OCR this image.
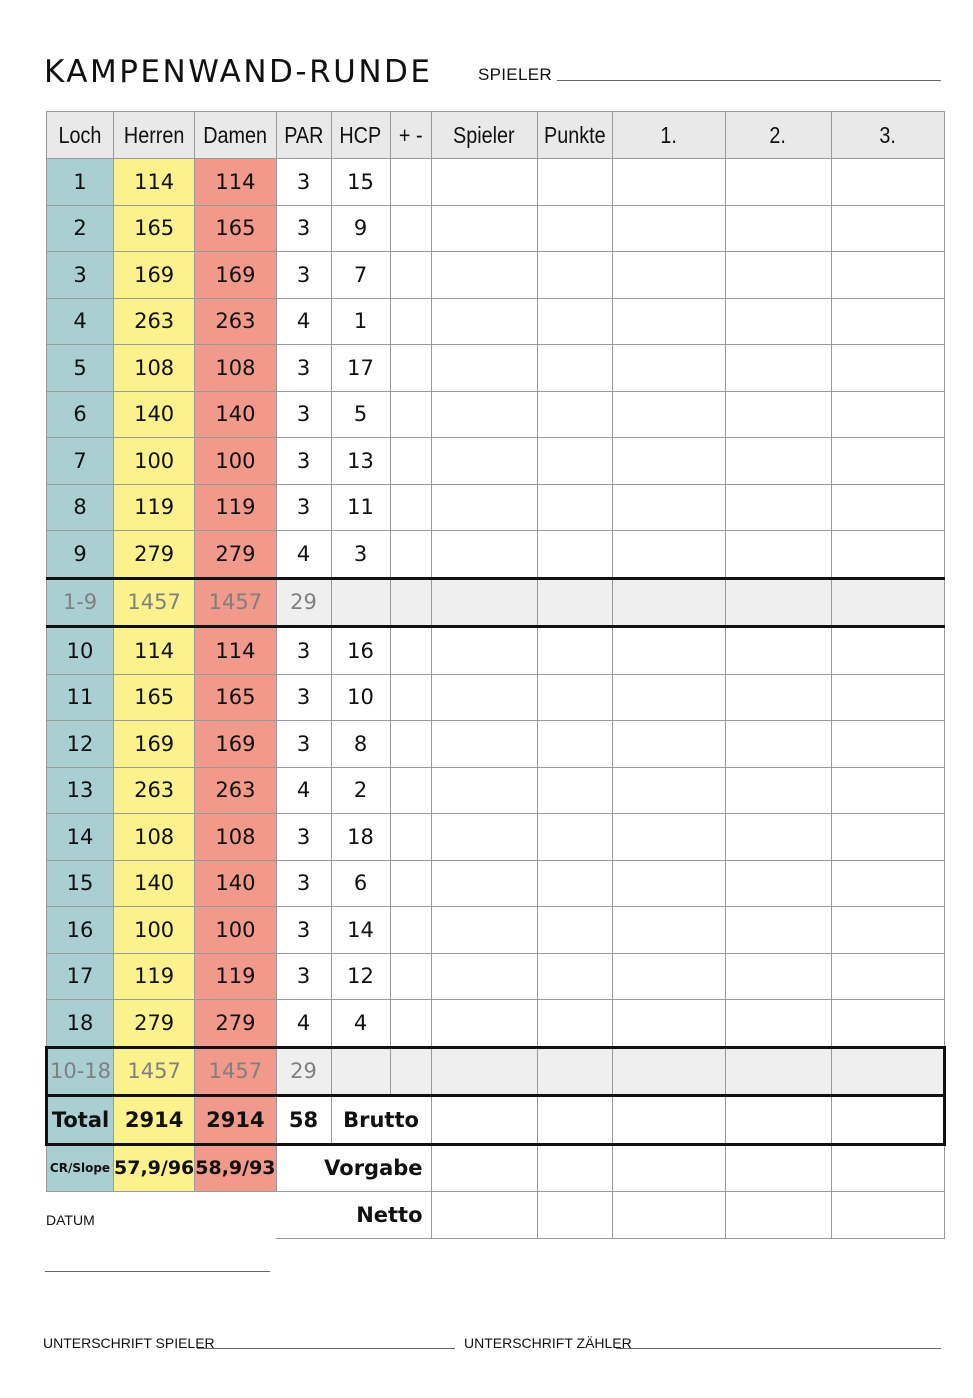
KAMPENWAND-RUNDE	SPIELER
Loch	Herren	Damen	PAR	HCP	+ -	Spieler	Punkte	1.	2.	3.
1	114	114	3	15						
2	165	165	3	9						
3	169	169	3	7						
4	263	263	4	1						
5	108	108	3	17						
6	140	140	3	5						
7	100	100	3	13						
8	119	119	3	11						
9	279	279	4	3						
1-9	1457	1457	29							
10	114	114	3	16						
11	165	165	3	10						
12	169	169	3	8						
13	263	263	4	2						
14	108	108	3	18						
15	140	140	3	6						
16	100	100	3	14						
17	119	119	3	12						
18	279	279	4	4						
10-18	1457	1457	29							
Total	2914	2914	58	Brutto						
CR/Slope	57,9/96	58,9/93	Vorgabe							
			Netto							
DATUM
UNTERSCHRIFT SPIELER	UNTERSCHRIFT ZÄHLER
